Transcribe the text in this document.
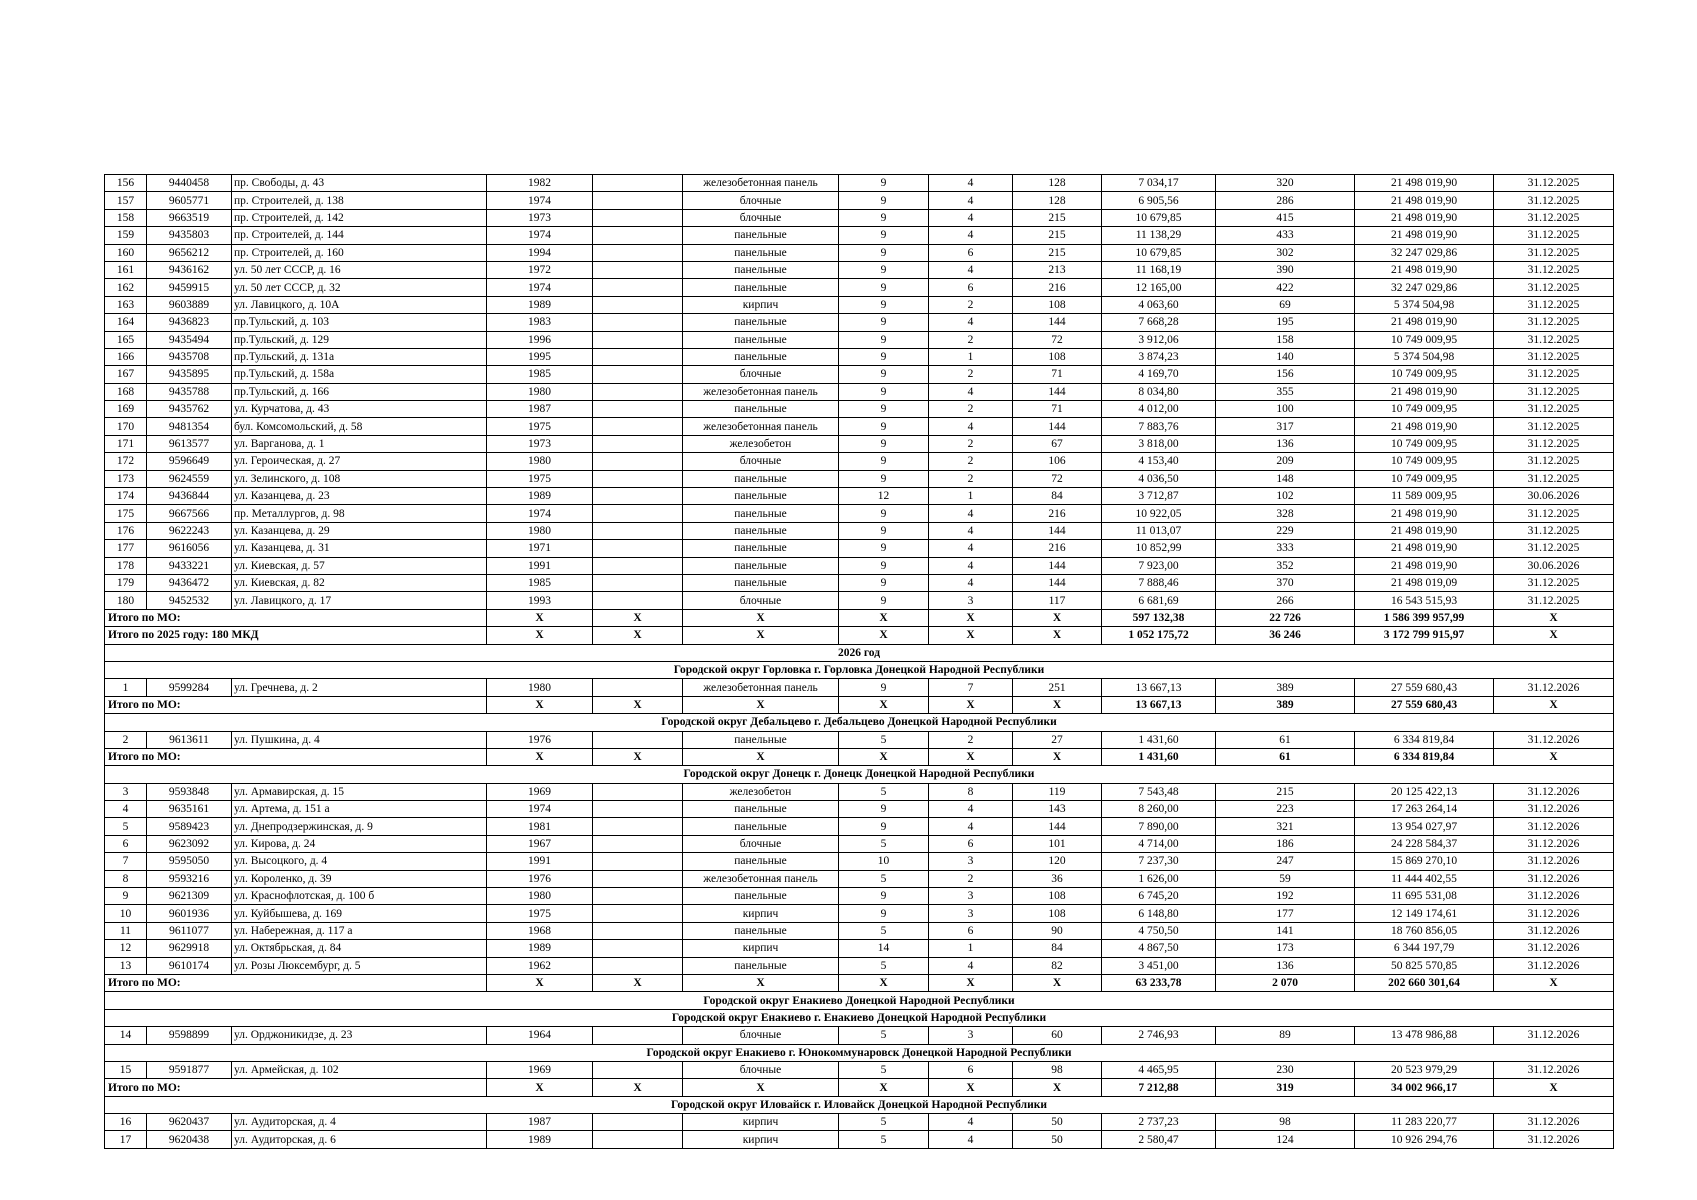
156	9440458	пр. Свободы, д. 43	1982		железобетонная панель	9	4	128	7 034,17	320	21 498 019,90	31.12.2025
157	9605771	пр. Строителей, д. 138	1974		блочные	9	4	128	6 905,56	286	21 498 019,90	31.12.2025
158	9663519	пр. Строителей, д. 142	1973		блочные	9	4	215	10 679,85	415	21 498 019,90	31.12.2025
159	9435803	пр. Строителей, д. 144	1974		панельные	9	4	215	11 138,29	433	21 498 019,90	31.12.2025
160	9656212	пр. Строителей, д. 160	1994		панельные	9	6	215	10 679,85	302	32 247 029,86	31.12.2025
161	9436162	ул. 50 лет СССР, д. 16	1972		панельные	9	4	213	11 168,19	390	21 498 019,90	31.12.2025
162	9459915	ул. 50 лет СССР, д. 32	1974		панельные	9	6	216	12 165,00	422	32 247 029,86	31.12.2025
163	9603889	ул. Лавицкого, д. 10А	1989		кирпич	9	2	108	4 063,60	69	5 374 504,98	31.12.2025
164	9436823	пр.Тульский, д. 103	1983		панельные	9	4	144	7 668,28	195	21 498 019,90	31.12.2025
165	9435494	пр.Тульский, д. 129	1996		панельные	9	2	72	3 912,06	158	10 749 009,95	31.12.2025
166	9435708	пр.Тульский, д. 131а	1995		панельные	9	1	108	3 874,23	140	5 374 504,98	31.12.2025
167	9435895	пр.Тульский, д. 158а	1985		блочные	9	2	71	4 169,70	156	10 749 009,95	31.12.2025
168	9435788	пр.Тульский, д. 166	1980		железобетонная панель	9	4	144	8 034,80	355	21 498 019,90	31.12.2025
169	9435762	ул. Курчатова, д. 43	1987		панельные	9	2	71	4 012,00	100	10 749 009,95	31.12.2025
170	9481354	бул. Комсомольский, д. 58	1975		железобетонная панель	9	4	144	7 883,76	317	21 498 019,90	31.12.2025
171	9613577	ул. Варганова, д. 1	1973		железобетон	9	2	67	3 818,00	136	10 749 009,95	31.12.2025
172	9596649	ул. Героическая, д. 27	1980		блочные	9	2	106	4 153,40	209	10 749 009,95	31.12.2025
173	9624559	ул. Зелинского, д. 108	1975		панельные	9	2	72	4 036,50	148	10 749 009,95	31.12.2025
174	9436844	ул. Казанцева, д. 23	1989		панельные	12	1	84	3 712,87	102	11 589 009,95	30.06.2026
175	9667566	пр. Металлургов, д. 98	1974		панельные	9	4	216	10 922,05	328	21 498 019,90	31.12.2025
176	9622243	ул. Казанцева, д. 29	1980		панельные	9	4	144	11 013,07	229	21 498 019,90	31.12.2025
177	9616056	ул. Казанцева, д. 31	1971		панельные	9	4	216	10 852,99	333	21 498 019,90	31.12.2025
178	9433221	ул. Киевская, д. 57	1991		панельные	9	4	144	7 923,00	352	21 498 019,90	30.06.2026
179	9436472	ул. Киевская, д. 82	1985		панельные	9	4	144	7 888,46	370	21 498 019,09	31.12.2025
180	9452532	ул. Лавицкого, д. 17	1993		блочные	9	3	117	6 681,69	266	16 543 515,93	31.12.2025
Итого по МО:			X	X	X	X	X	X	597 132,38	22 726	1 586 399 957,99	X
Итого по 2025 году: 180 МКД			X	X	X	X	X	X	1 052 175,72	36 246	3 172 799 915,97	X
2026 год												
Городской округ Горловка г. Горловка Донецкой Народной Республики												
1	9599284	ул. Гречнева, д. 2	1980		железобетонная панель	9	7	251	13 667,13	389	27 559 680,43	31.12.2026
Итого по МО:			X	X	X	X	X	X	13 667,13	389	27 559 680,43	X
Городской округ Дебальцево г. Дебальцево Донецкой Народной Республики												
2	9613611	ул. Пушкина, д. 4	1976		панельные	5	2	27	1 431,60	61	6 334 819,84	31.12.2026
Итого по МО:			X	X	X	X	X	X	1 431,60	61	6 334 819,84	X
Городской округ Донецк г. Донецк Донецкой Народной Республики												
3	9593848	ул. Армавирская, д. 15	1969		железобетон	5	8	119	7 543,48	215	20 125 422,13	31.12.2026
4	9635161	ул. Артема, д. 151 а	1974		панельные	9	4	143	8 260,00	223	17 263 264,14	31.12.2026
5	9589423	ул. Днепродзержинская, д. 9	1981		панельные	9	4	144	7 890,00	321	13 954 027,97	31.12.2026
6	9623092	ул. Кирова, д. 24	1967		блочные	5	6	101	4 714,00	186	24 228 584,37	31.12.2026
7	9595050	ул. Высоцкого, д. 4	1991		панельные	10	3	120	7 237,30	247	15 869 270,10	31.12.2026
8	9593216	ул. Короленко, д. 39	1976		железобетонная панель	5	2	36	1 626,00	59	11 444 402,55	31.12.2026
9	9621309	ул. Краснофлотская, д. 100 б	1980		панельные	9	3	108	6 745,20	192	11 695 531,08	31.12.2026
10	9601936	ул. Куйбышева, д. 169	1975		кирпич	9	3	108	6 148,80	177	12 149 174,61	31.12.2026
11	9611077	ул. Набережная, д. 117 а	1968		панельные	5	6	90	4 750,50	141	18 760 856,05	31.12.2026
12	9629918	ул. Октябрьская, д. 84	1989		кирпич	14	1	84	4 867,50	173	6 344 197,79	31.12.2026
13	9610174	ул. Розы Люксембург, д. 5	1962		панельные	5	4	82	3 451,00	136	50 825 570,85	31.12.2026
Итого по МО:			X	X	X	X	X	X	63 233,78	2 070	202 660 301,64	X
Городской округ Енакиево Донецкой Народной Республики												
Городской округ Енакиево г. Енакиево Донецкой Народной Республики												
14	9598899	ул. Орджоникидзе, д. 23	1964		блочные	5	3	60	2 746,93	89	13 478 986,88	31.12.2026
Городской округ Енакиево г. Юнокоммунаровск Донецкой Народной Республики												
15	9591877	ул. Армейская, д. 102	1969		блочные	5	6	98	4 465,95	230	20 523 979,29	31.12.2026
Итого по МО:			X	X	X	X	X	X	7 212,88	319	34 002 966,17	X
Городской округ Иловайск г. Иловайск Донецкой Народной Республики												
16	9620437	ул. Аудиторская, д. 4	1987		кирпич	5	4	50	2 737,23	98	11 283 220,77	31.12.2026
17	9620438	ул. Аудиторская, д. 6	1989		кирпич	5	4	50	2 580,47	124	10 926 294,76	31.12.2026
